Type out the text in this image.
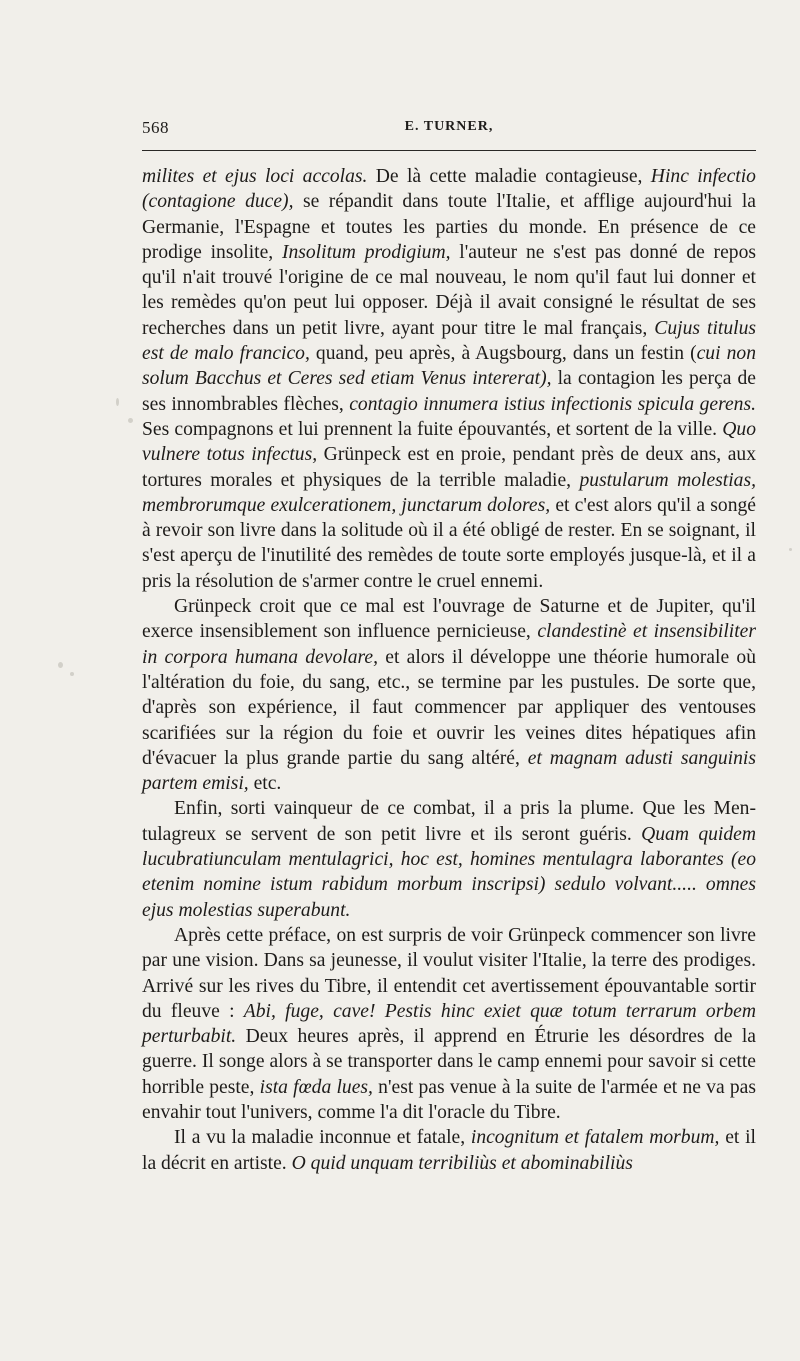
568	E. TURNER,

milites et ejus loci accolas. De là cette maladie contagieuse, Hinc infectio (contagione duce), se répandit dans toute l'Italie, et afflige aujourd'hui la Germanie, l'Espagne et toutes les parties du monde. En présence de ce prodige insolite, Insolitum prodigium, l'auteur ne s'est pas donné de repos qu'il n'ait trouvé l'origine de ce mal nouveau, le nom qu'il faut lui donner et les remèdes qu'on peut lui opposer. Déjà il avait consigné le résultat de ses recherches dans un petit livre, ayant pour titre le mal français, Cujus titulus est de malo francico, quand, peu après, à Augsbourg, dans un festin (cui non solum Bacchus et Ceres sed etiam Venus intererat), la contagion les perça de ses innombrables flèches, contagio innumera istius infectionis spicula gerens. Ses compagnons et lui prennent la fuite épouvantés, et sortent de la ville. Quo vulnere totus infectus, Grünpeck est en proie, pendant près de deux ans, aux tortures morales et physiques de la terrible maladie, pustularum molestias, membrorumque exulcerationem, junctarum dolores, et c'est alors qu'il a songé à revoir son livre dans la solitude où il a été obligé de rester. En se soignant, il s'est aperçu de l'inutilité des remèdes de toute sorte employés jusque-là, et il a pris la résolution de s'armer contre le cruel ennemi.

Grünpeck croit que ce mal est l'ouvrage de Saturne et de Jupiter, qu'il exerce insensiblement son influence pernicieuse, clandestinè et insensibiliter in corpora humana devolare, et alors il développe une théorie humorale où l'altération du foie, du sang, etc., se termine par les pustules. De sorte que, d'après son expérience, il faut commencer par appliquer des ventouses scarifiées sur la région du foie et ouvrir les veines dites hépatiques afin d'évacuer la plus grande partie du sang altéré, et magnam adusti sanguinis partem emisi, etc.

Enfin, sorti vainqueur de ce combat, il a pris la plume. Que les Mentulagreux se servent de son petit livre et ils seront guéris. Quam quidem lucubratiunculam mentulagrici, hoc est, homines mentulagra laborantes (eo etenim nomine istum rabidum morbum inscripsi) sedulo volvant..... omnes ejus molestias superabunt.

Après cette préface, on est surpris de voir Grünpeck commencer son livre par une vision. Dans sa jeunesse, il voulut visiter l'Italie, la terre des prodiges. Arrivé sur les rives du Tibre, il entendit cet avertissement épouvantable sortir du fleuve : Abi, fuge, cave! Pestis hinc exiet quæ totum terrarum orbem perturbabit. Deux heures après, il apprend en Étrurie les désordres de la guerre. Il songe alors à se transporter dans le camp ennemi pour savoir si cette horrible peste, ista fœda lues, n'est pas venue à la suite de l'armée et ne va pas envahir tout l'univers, comme l'a dit l'oracle du Tibre.

Il a vu la maladie inconnue et fatale, incognitum et fatalem morbum, et il la décrit en artiste. O quid unquam terribiliùs et abominabiliùs
